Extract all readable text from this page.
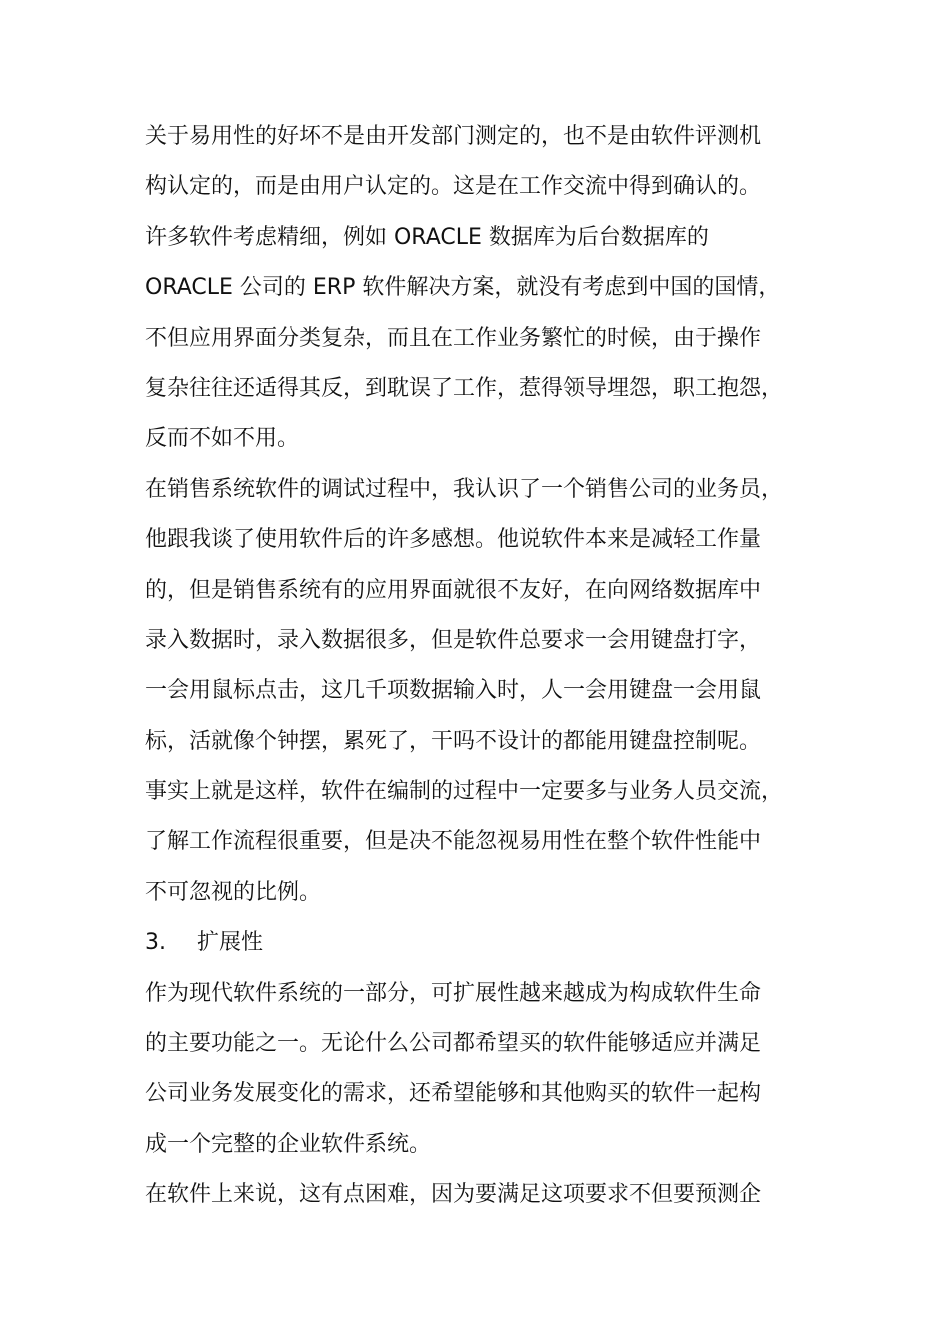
关于易用性的好坏不是由开发部门测定的，也不是由软件评测机
构认定的，而是由用户认定的。这是在工作交流中得到确认的。
许多软件考虑精细，例如 ORACLE 数据库为后台数据库的
ORACLE 公司的 ERP 软件解决方案，就没有考虑到中国的国情，
不但应用界面分类复杂，而且在工作业务繁忙的时候，由于操作
复杂往往还适得其反，到耽误了工作，惹得领导埋怨，职工抱怨，
反而不如不用。
在销售系统软件的调试过程中，我认识了一个销售公司的业务员，
他跟我谈了使用软件后的许多感想。他说软件本来是减轻工作量
的，但是销售系统有的应用界面就很不友好，在向网络数据库中
录入数据时，录入数据很多，但是软件总要求一会用键盘打字，
一会用鼠标点击，这几千项数据输入时，人一会用键盘一会用鼠
标，活就像个钟摆，累死了，干吗不设计的都能用键盘控制呢。
事实上就是这样，软件在编制的过程中一定要多与业务人员交流，
了解工作流程很重要，但是决不能忽视易用性在整个软件性能中
不可忽视的比例。
3. 扩展性
作为现代软件系统的一部分，可扩展性越来越成为构成软件生命
的主要功能之一。无论什么公司都希望买的软件能够适应并满足
公司业务发展变化的需求，还希望能够和其他购买的软件一起构
成一个完整的企业软件系统。
在软件上来说，这有点困难，因为要满足这项要求不但要预测企
